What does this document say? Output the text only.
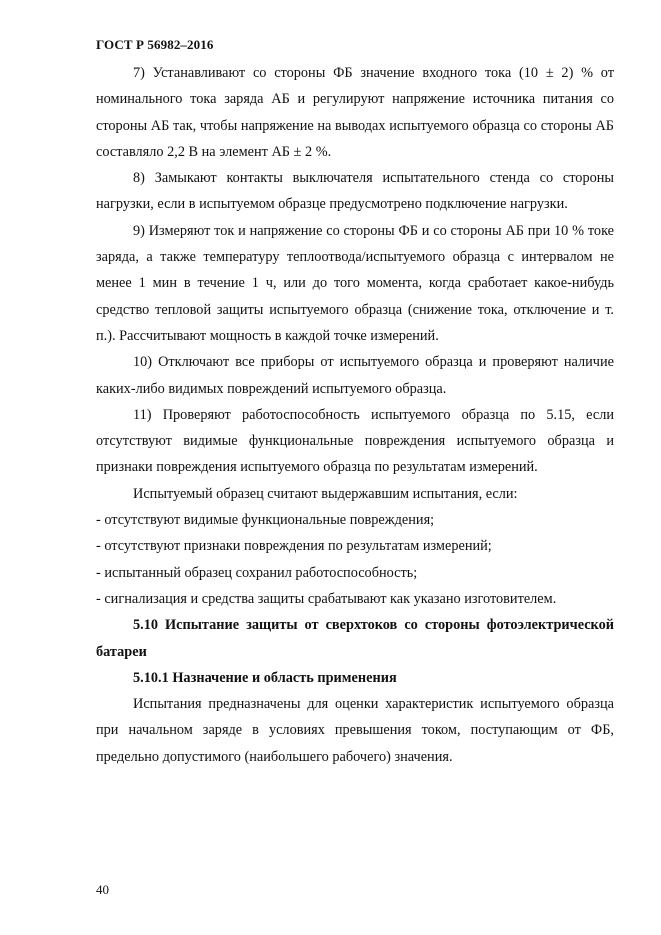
ГОСТ Р 56982–2016

7) Устанавливают со стороны ФБ значение входного тока (10 ± 2) % от номинального тока заряда АБ и регулируют напряжение источника питания со стороны АБ так, чтобы напряжение на выводах испытуемого образца со стороны АБ составляло 2,2 В на элемент АБ ± 2 %.

8) Замыкают контакты выключателя испытательного стенда со стороны нагрузки, если в испытуемом образце предусмотрено подключение нагрузки.

9) Измеряют ток и напряжение со стороны ФБ и со стороны АБ при 10 % токе заряда, а также температуру теплоотвода/испытуемого образца с интервалом не менее 1 мин в течение 1 ч, или до того момента, когда сработает какое-нибудь средство тепловой защиты испытуемого образца (снижение тока, отключение и т. п.). Рассчитывают мощность в каждой точке измерений.

10) Отключают все приборы от испытуемого образца и проверяют наличие каких-либо видимых повреждений испытуемого образца.

11) Проверяют работоспособность испытуемого образца по 5.15, если отсутствуют видимые функциональные повреждения испытуемого образца и признаки повреждения испытуемого образца по результатам измерений.

Испытуемый образец считают выдержавшим испытания, если:

- отсутствуют видимые функциональные повреждения;

- отсутствуют признаки повреждения по результатам измерений;

- испытанный образец сохранил работоспособность;

- сигнализация и средства защиты срабатывают как указано изготовителем.

5.10 Испытание защиты от сверхтоков со стороны фотоэлектрической батареи

5.10.1 Назначение и область применения

Испытания предназначены для оценки характеристик испытуемого образца при начальном заряде в условиях превышения током, поступающим от ФБ, предельно допустимого (наибольшего рабочего) значения.

40
